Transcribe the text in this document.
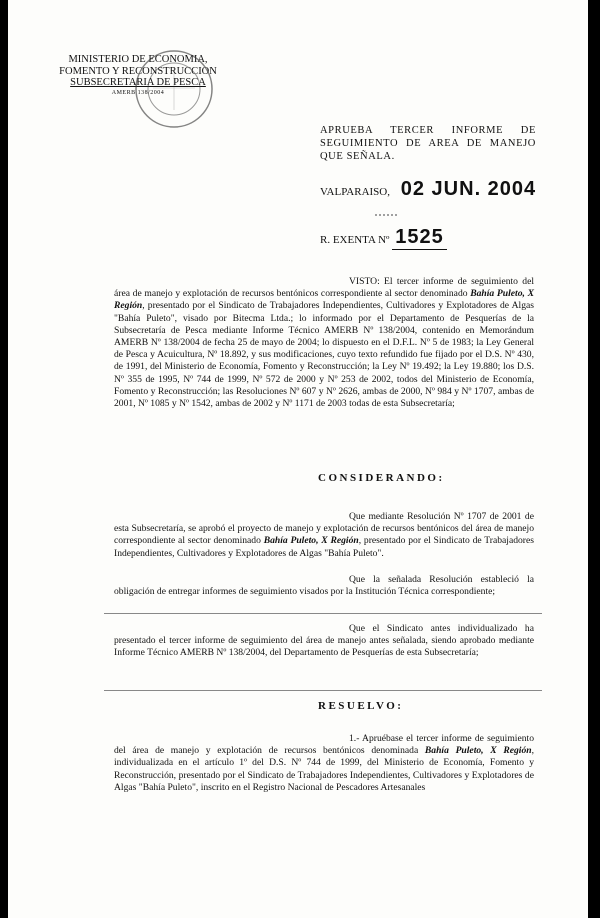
MINISTERIO DE ECONOMIA,
FOMENTO Y RECONSTRUCCION
SUBSECRETARIA DE PESCA
AMERB 138/2004
APRUEBA TERCER INFORME DE SEGUIMIENTO DE AREA DE MANEJO QUE SEÑALA.
VALPARAISO, 02 JUN. 2004
R. EXENTA Nº 1525

VISTO: El tercer informe de seguimiento del área de manejo y explotación de recursos bentónicos correspondiente al sector denominado Bahía Puleto, X Región, presentado por el Sindicato de Trabajadores Independientes, Cultivadores y Explotadores de Algas "Bahía Puleto", visado por Bitecma Ltda.; lo informado por el Departamento de Pesquerías de la Subsecretaría de Pesca mediante Informe Técnico AMERB Nº 138/2004, contenido en Memorándum AMERB Nº 138/2004 de fecha 25 de mayo de 2004; lo dispuesto en el D.F.L. Nº 5 de 1983; la Ley General de Pesca y Acuicultura, Nº 18.892, y sus modificaciones, cuyo texto refundido fue fijado por el D.S. Nº 430, de 1991, del Ministerio de Economía, Fomento y Reconstrucción; la Ley Nº 19.492; la Ley 19.880; los D.S. Nº 355 de 1995, Nº 744 de 1999, Nº 572 de 2000 y Nº 253 de 2002, todos del Ministerio de Economía, Fomento y Reconstrucción; las Resoluciones Nº 607 y Nº 2626, ambas de 2000, Nº 984 y Nº 1707, ambas de 2001, Nº 1085 y Nº 1542, ambas de 2002 y Nº 1171 de 2003 todas de esta Subsecretaría;

CONSIDERANDO:

Que mediante Resolución Nº 1707 de 2001 de esta Subsecretaría, se aprobó el proyecto de manejo y explotación de recursos bentónicos del área de manejo correspondiente al sector denominado Bahía Puleto, X Región, presentado por el Sindicato de Trabajadores Independientes, Cultivadores y Explotadores de Algas "Bahía Puleto".

Que la señalada Resolución estableció la obligación de entregar informes de seguimiento visados por la Institución Técnica correspondiente;

Que el Sindicato antes individualizado ha presentado el tercer informe de seguimiento del área de manejo antes señalada, siendo aprobado mediante Informe Técnico AMERB Nº 138/2004, del Departamento de Pesquerías de esta Subsecretaría;

RESUELVO:

1.- Apruébase el tercer informe de seguimiento del área de manejo y explotación de recursos bentónicos denominada Bahía Puleto, X Región, individualizada en el artículo 1º del D.S. Nº 744 de 1999, del Ministerio de Economía, Fomento y Reconstrucción, presentado por el Sindicato de Trabajadores Independientes, Cultivadores y Explotadores de Algas "Bahía Puleto", inscrito en el Registro Nacional de Pescadores Artesanales
